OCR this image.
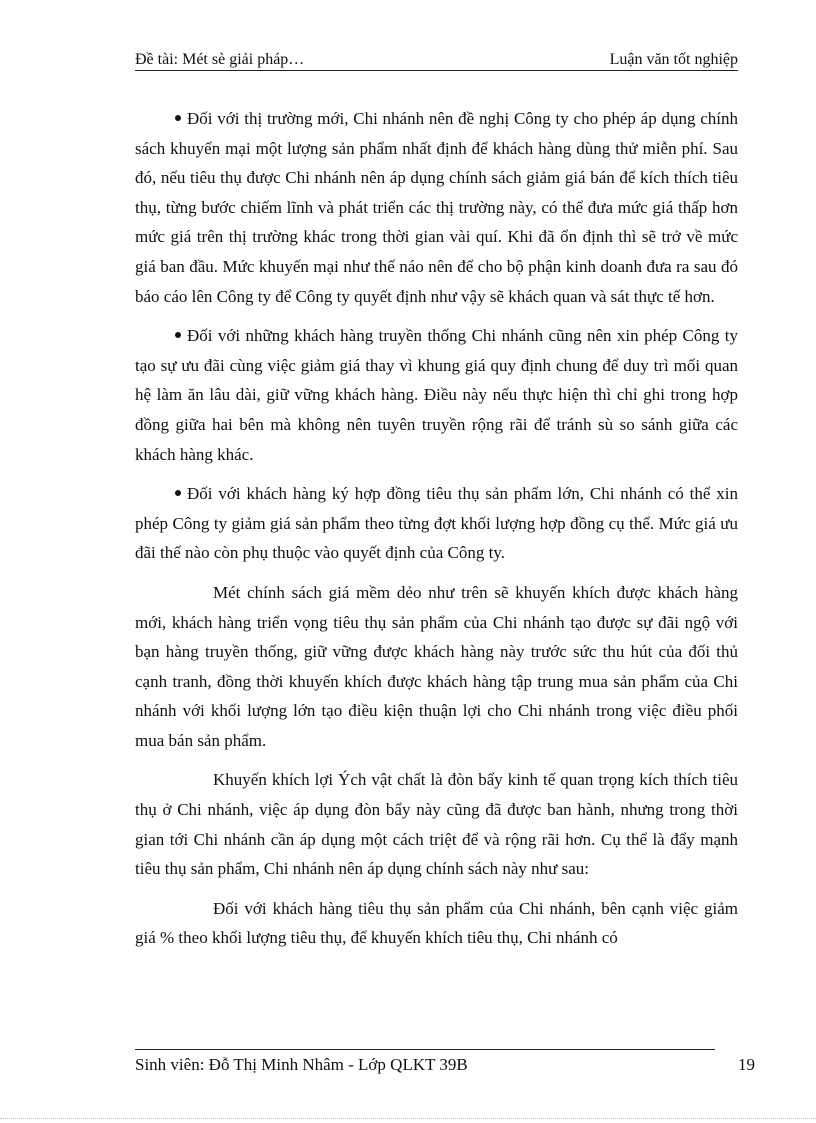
Đề tài: Mét sè giải pháp…	Luận văn tốt nghiệp

Đối với thị trường mới, Chi nhánh nên đề nghị Công ty cho phép áp dụng chính sách khuyến mại một lượng sản phẩm nhất định để khách hàng dùng thử miễn phí. Sau đó, nếu tiêu thụ được Chi nhánh nên áp dụng chính sách giảm giá bán để kích thích tiêu thụ, từng bước chiếm lĩnh và phát triển các thị trường này, có thể đưa mức giá thấp hơn mức giá trên thị trường khác trong thời gian vài quí. Khi đã ổn định thì sẽ trở về mức giá ban đầu. Mức khuyến mại như thế náo nên để cho bộ phận kinh doanh đưa ra sau đó báo cáo lên Công ty để Công ty quyết định như vậy sẽ khách quan và sát thực tế hơn.

Đối với những khách hàng truyền thống Chi nhánh cũng nên xin phép Công ty tạo sự ưu đãi cùng việc giảm giá thay vì khung giá quy định chung để duy trì mối quan hệ làm ăn lâu dài, giữ vững khách hàng. Điều này nếu thực hiện thì chỉ ghi trong hợp đồng giữa hai bên mà không nên tuyên truyền rộng rãi để tránh sù so sánh giữa các khách hàng khác.

Đối với khách hàng ký hợp đồng tiêu thụ sản phẩm lớn, Chi nhánh có thể xin phép Công ty giảm giá sản phẩm theo từng đợt khối lượng hợp đồng cụ thể. Mức giá ưu đãi thế nào còn phụ thuộc vào quyết định của Công ty.

Mét chính sách giá mềm dẻo như trên sẽ khuyến khích được khách hàng mới, khách hàng triển vọng tiêu thụ sản phẩm của Chi nhánh tạo được sự đãi ngộ với bạn hàng truyền thống, giữ vững được khách hàng này trước sức thu hút của đối thủ cạnh tranh, đồng thời khuyến khích được khách hàng tập trung mua sản phẩm của Chi nhánh với khối lượng lớn tạo điều kiện thuận lợi cho Chi nhánh trong việc điều phối mua bán sản phẩm.

Khuyến khích lợi Ých vật chất là đòn bẩy kinh tế quan trọng kích thích tiêu thụ ở Chi nhánh, việc áp dụng đòn bẩy này cũng đã được ban hành, nhưng trong thời gian tới Chi nhánh cần áp dụng một cách triệt để và rộng rãi hơn. Cụ thể là đẩy mạnh tiêu thụ sản phẩm, Chi nhánh nên áp dụng chính sách này như sau:

Đối với khách hàng tiêu thụ sản phẩm của Chi nhánh, bên cạnh việc giảm giá % theo khối lượng tiêu thụ, để khuyến khích tiêu thụ, Chi nhánh có

Sinh viên: Đỗ Thị Minh Nhâm - Lớp QLKT 39B	19
